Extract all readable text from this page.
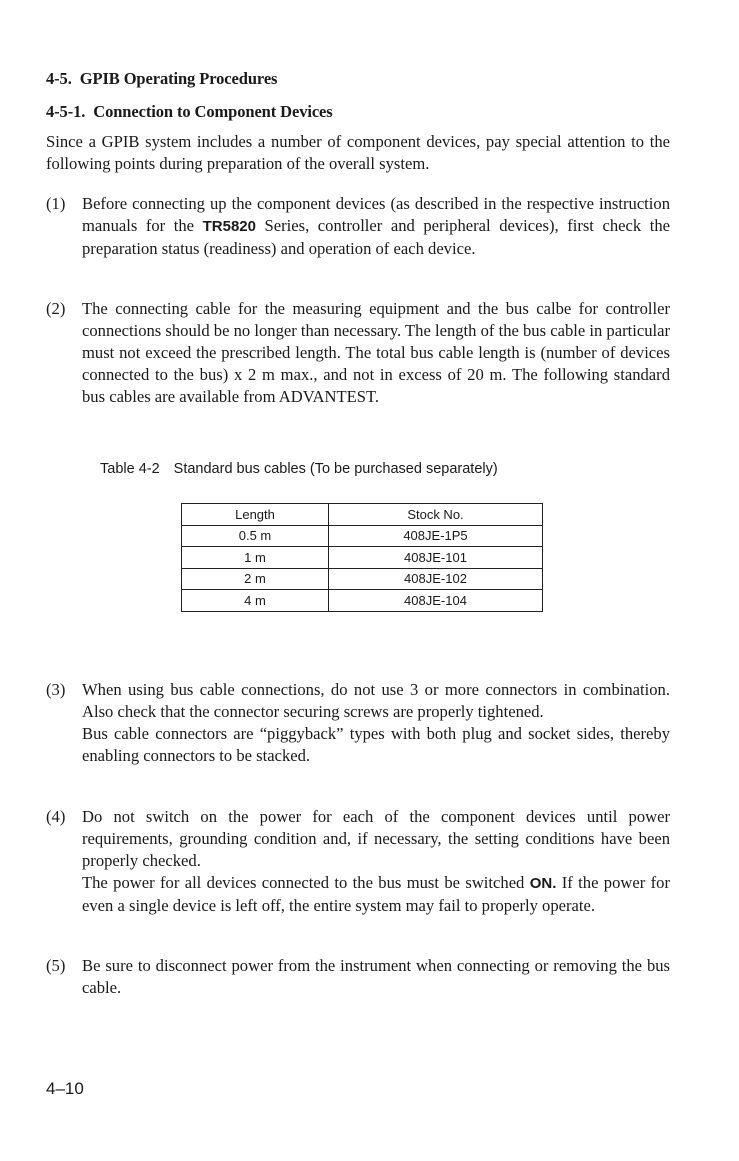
4-5. GPIB Operating Procedures
4-5-1. Connection to Component Devices

Since a GPIB system includes a number of component devices, pay special attention to the following points during preparation of the overall system.

(1) Before connecting up the component devices (as described in the respective instruction manuals for the TR5820 Series, controller and peripheral devices), first check the preparation status (readiness) and operation of each device.

(2) The connecting cable for the measuring equipment and the bus calbe for controller connections should be no longer than necessary. The length of the bus cable in particular must not exceed the prescribed length. The total bus cable length is (number of devices connected to the bus) x 2 m max., and not in excess of 20 m. The following standard bus cables are available from ADVANTEST.

Table 4-2 Standard bus cables (To be purchased separately)
Length	Stock No.
0.5 m	408JE-1P5
1 m	408JE-101
2 m	408JE-102
4 m	408JE-104
(3) When using bus cable connections, do not use 3 or more connectors in combination. Also check that the connector securing screws are properly tightened.

Bus cable connectors are “piggyback” types with both plug and socket sides, thereby enabling connectors to be stacked.

(4) Do not switch on the power for each of the component devices until power requirements, grounding condition and, if necessary, the setting conditions have been properly checked.

The power for all devices connected to the bus must be switched ON. If the power for even a single device is left off, the entire system may fail to properly operate.

(5) Be sure to disconnect power from the instrument when connecting or removing the bus cable.

4–10
